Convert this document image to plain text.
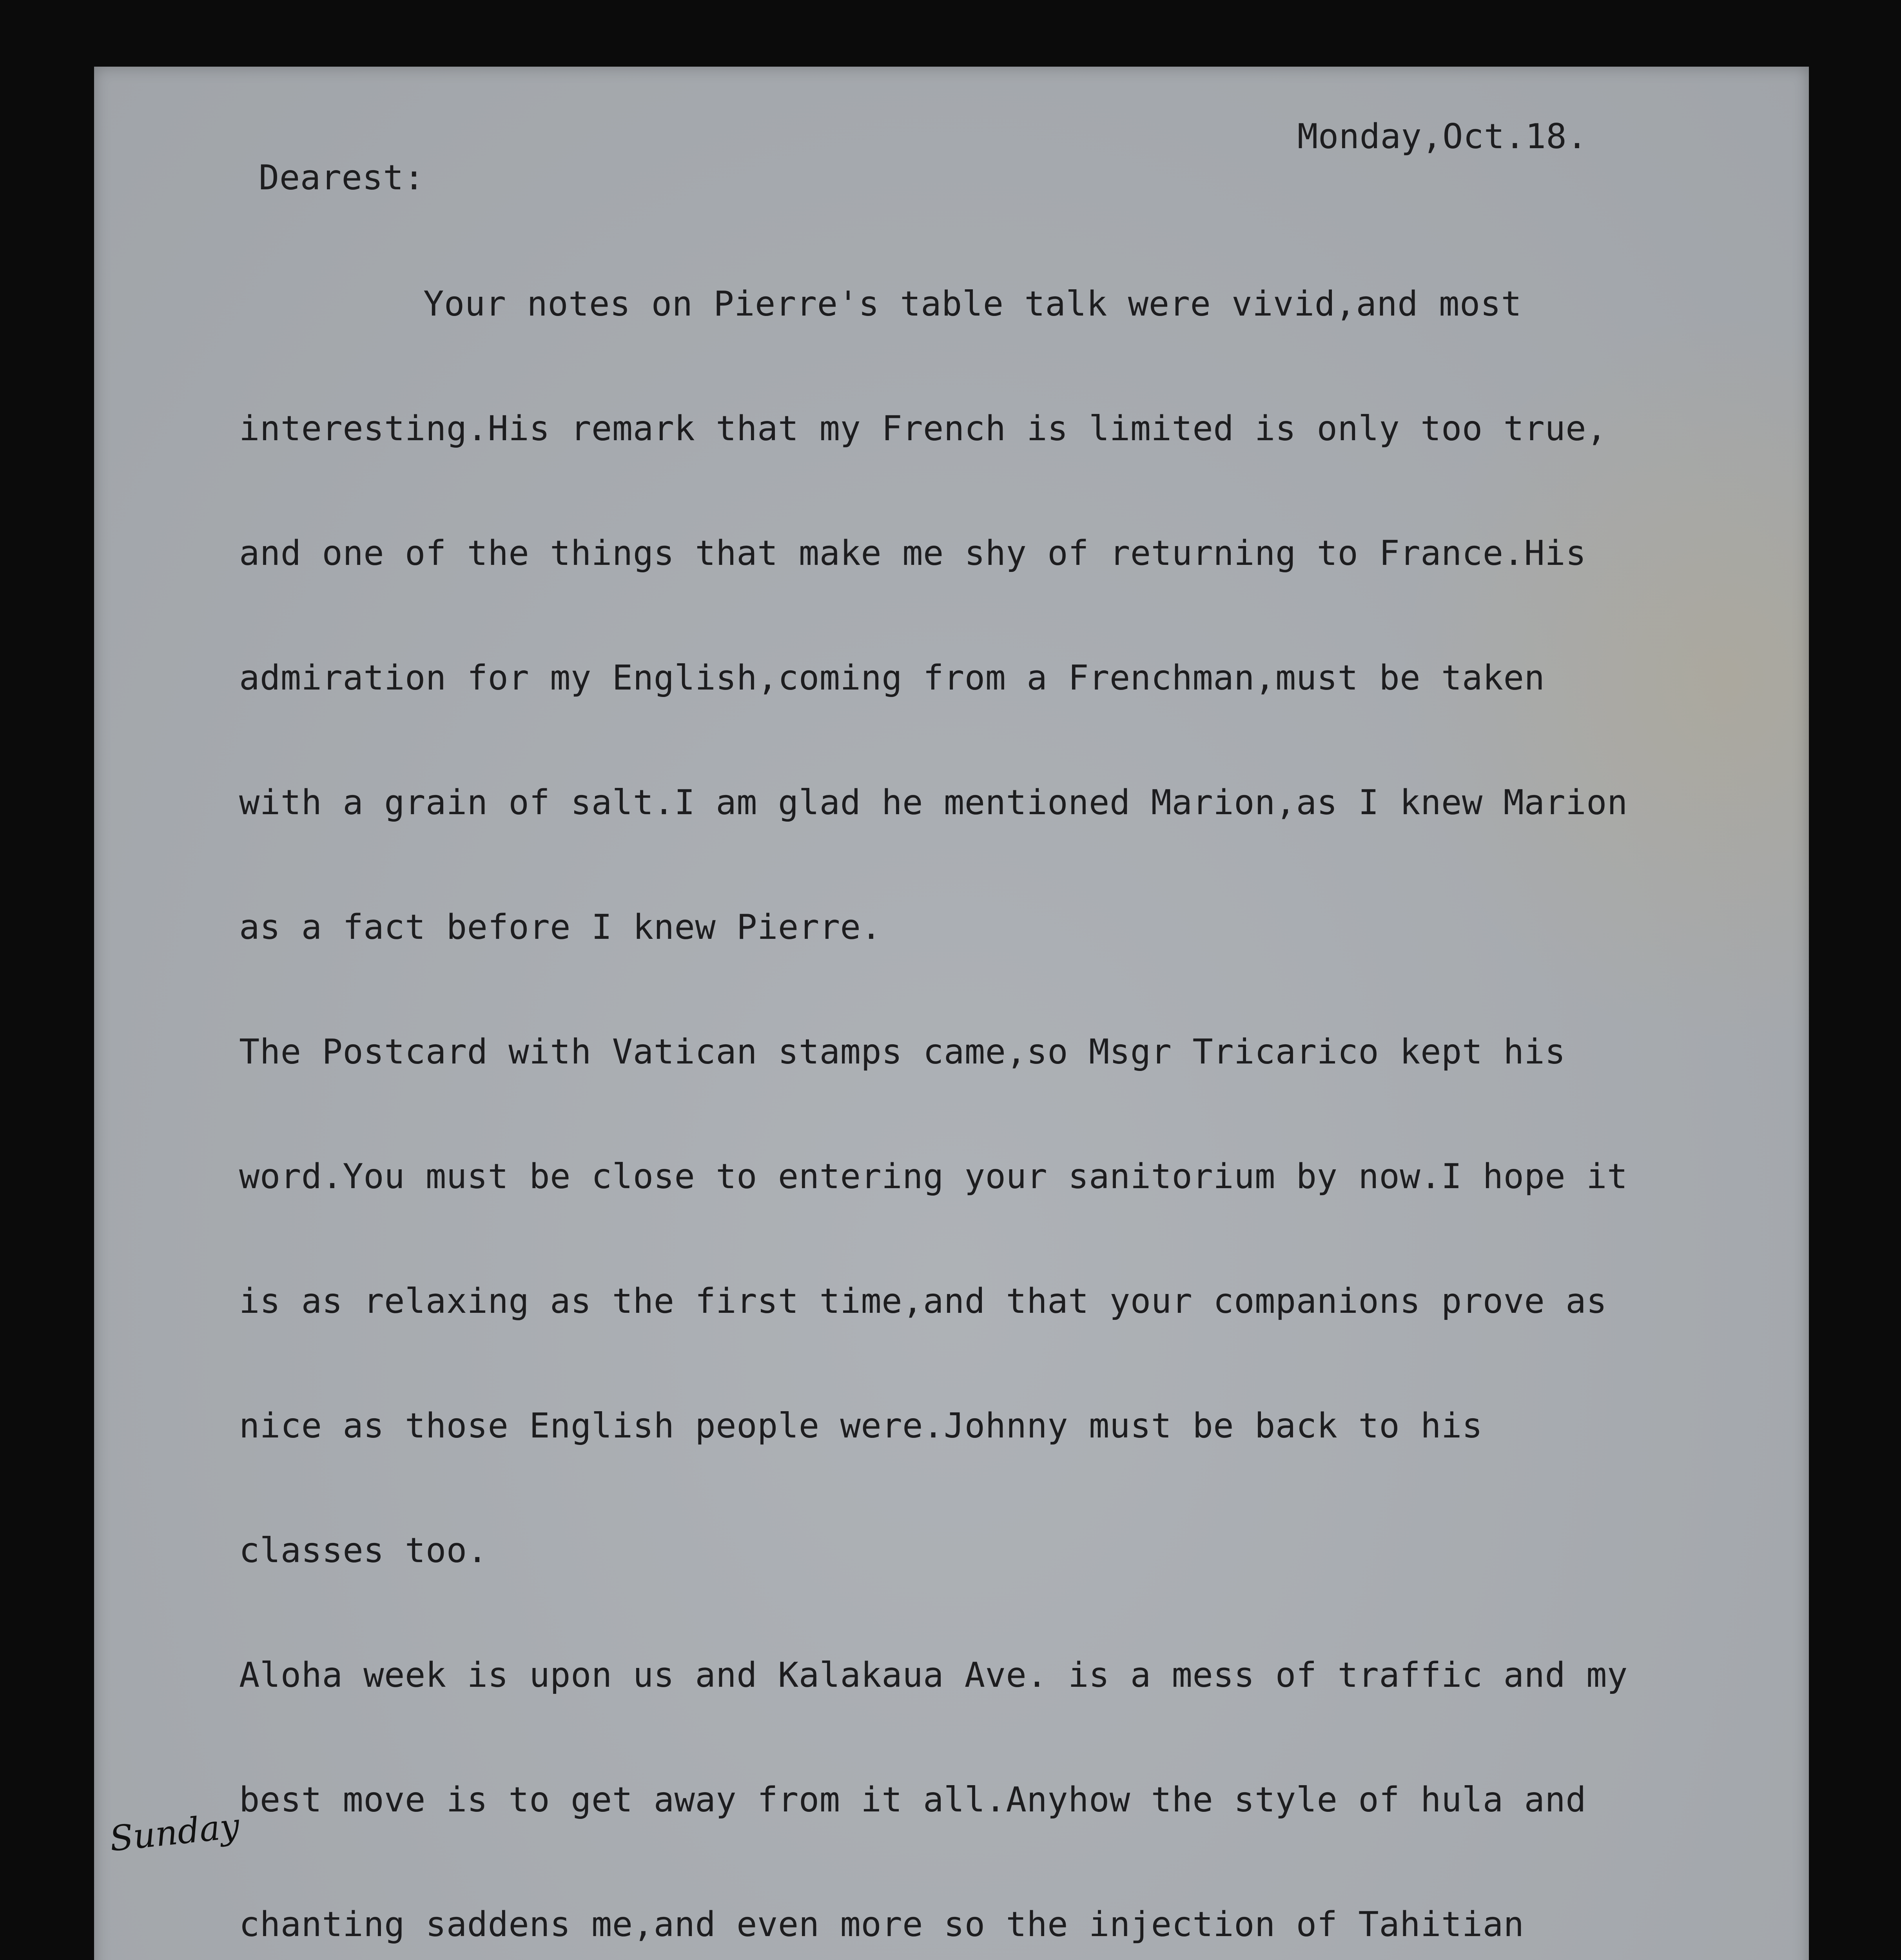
Monday,Oct.18.
Dearest:

Your notes on Pierre's table talk were vivid,and most

interesting.His remark that my French is limited is only too true,

and one of the things that make me shy of returning to France.His

admiration for my English,coming from a Frenchman,must be taken

with a grain of salt.I am glad he mentioned Marion,as I knew Marion

as a fact before I knew Pierre.

The Postcard with Vatican stamps came,so Msgr Tricarico kept his

word.You must be close to entering your sanitorium by now.I hope it

is as relaxing as the first time,and that your companions prove as

nice as those English people were.Johnny must be back to his

classes too.

Aloha week is upon us and Kalakaua Ave. is a mess of traffic and my

best move is to get away from it all.Anyhow the style of hula and

chanting saddens me,and even more so the injection of Tahitian

Sunday
